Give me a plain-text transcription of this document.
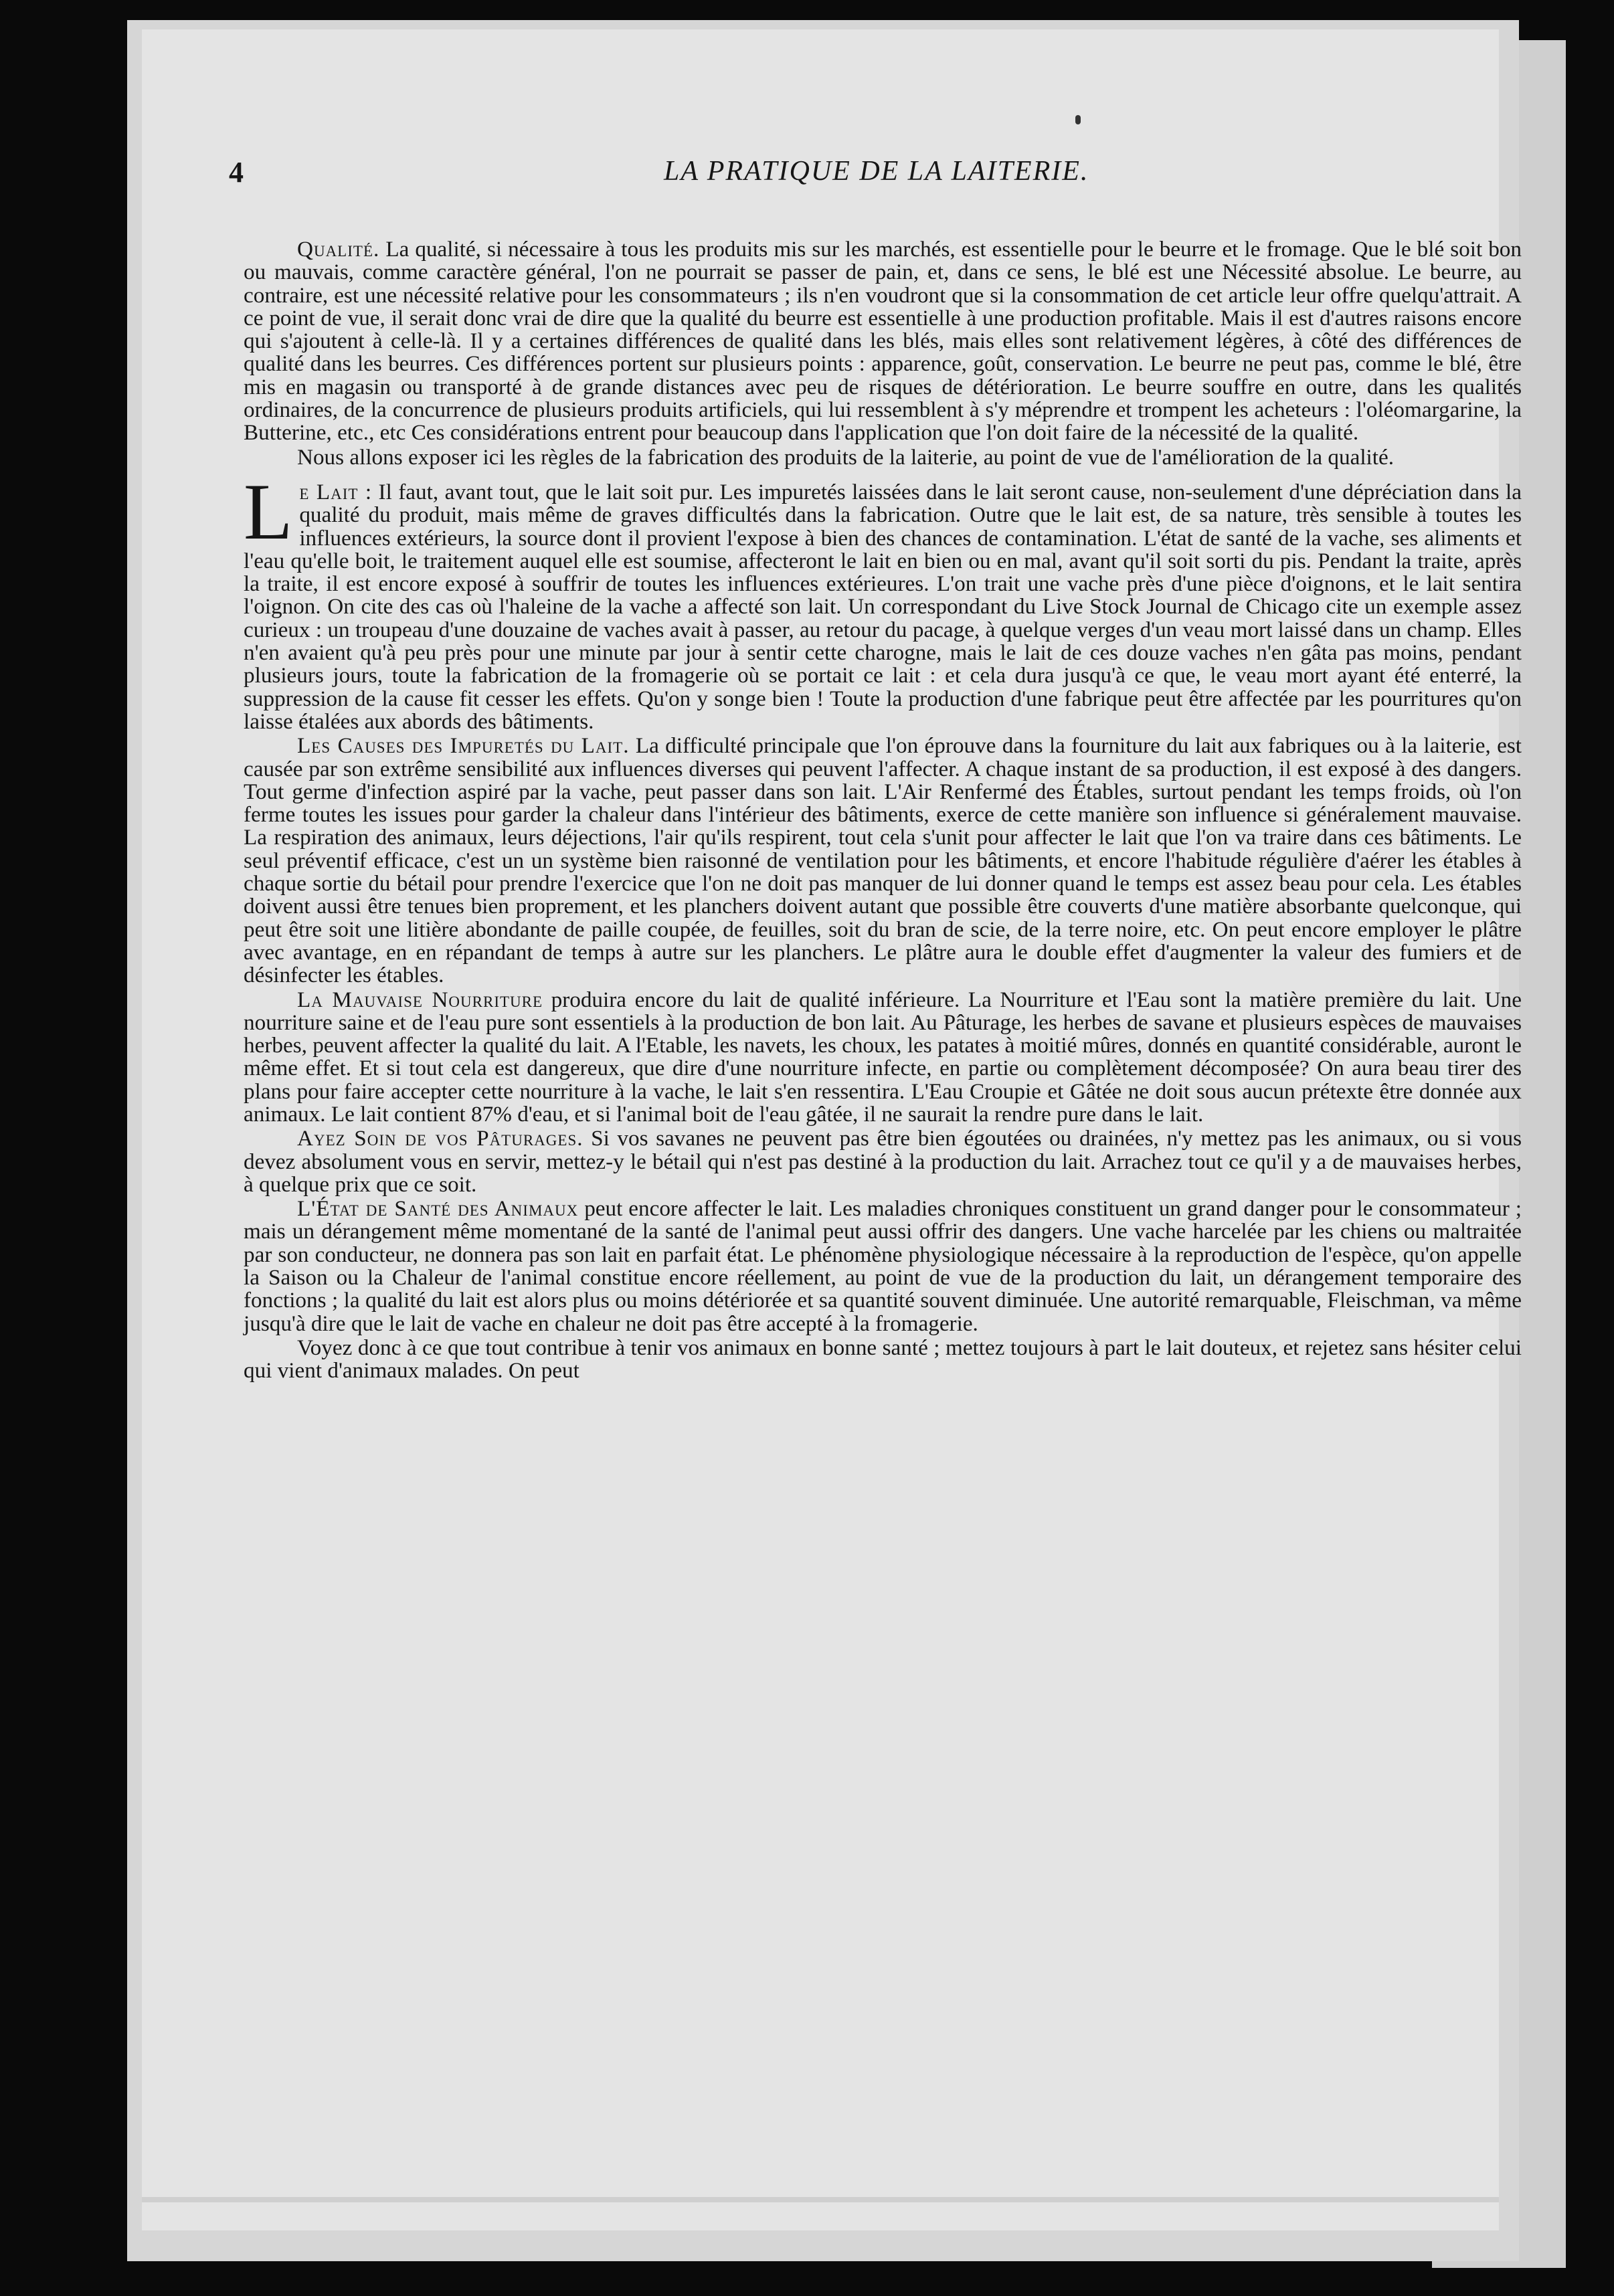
4	LA PRATIQUE DE LA LAITERIE.

Qualité. La qualité, si nécessaire à tous les produits mis sur les marchés, est essentielle pour le beurre et le fromage. Que le blé soit bon ou mauvais, comme caractère général, l'on ne pourrait se passer de pain, et, dans ce sens, le blé est une Nécessité absolue. Le beurre, au contraire, est une nécessité relative pour les consommateurs ; ils n'en voudront que si la consommation de cet article leur offre quelqu'attrait. A ce point de vue, il serait donc vrai de dire que la qualité du beurre est essentielle à une production profitable. Mais il est d'autres raisons encore qui s'ajoutent à celle-là. Il y a certaines différences de qualité dans les blés, mais elles sont relativement légères, à côté des différences de qualité dans les beurres. Ces différences portent sur plusieurs points : apparence, goût, conservation. Le beurre ne peut pas, comme le blé, être mis en magasin ou transporté à de grande distances avec peu de risques de détérioration. Le beurre souffre en outre, dans les qualités ordinaires, de la concurrence de plusieurs produits artificiels, qui lui ressemblent à s'y méprendre et trompent les acheteurs : l'oléomargarine, la Butterine, etc., etc Ces considérations entrent pour beaucoup dans l'application que l'on doit faire de la nécessité de la qualité.

Nous allons exposer ici les règles de la fabrication des produits de la laiterie, au point de vue de l'amélioration de la qualité.

Le Lait : Il faut, avant tout, que le lait soit pur. Les impuretés laissées dans le lait seront cause, non-seulement d'une dépréciation dans la qualité du produit, mais même de graves difficultés dans la fabrication. Outre que le lait est, de sa nature, très sensible à toutes les influences extérieurs, la source dont il provient l'expose à bien des chances de contamination. L'état de santé de la vache, ses aliments et l'eau qu'elle boit, le traitement auquel elle est soumise, affecteront le lait en bien ou en mal, avant qu'il soit sorti du pis. Pendant la traite, après la traite, il est encore exposé à souffrir de toutes les influences extérieures. L'on trait une vache près d'une pièce d'oignons, et le lait sentira l'oignon. On cite des cas où l'haleine de la vache a affecté son lait. Un correspondant du Live Stock Journal de Chicago cite un exemple assez curieux : un troupeau d'une douzaine de vaches avait à passer, au retour du pacage, à quelque verges d'un veau mort laissé dans un champ. Elles n'en avaient qu'à peu près pour une minute par jour à sentir cette charogne, mais le lait de ces douze vaches n'en gâta pas moins, pendant plusieurs jours, toute la fabrication de la fromagerie où se portait ce lait : et cela dura jusqu'à ce que, le veau mort ayant été enterré, la suppression de la cause fit cesser les effets. Qu'on y songe bien ! Toute la production d'une fabrique peut être affectée par les pourritures qu'on laisse étalées aux abords des bâtiments.

Les Causes des Impuretés du Lait. La difficulté principale que l'on éprouve dans la fourniture du lait aux fabriques ou à la laiterie, est causée par son extrême sensibilité aux influences diverses qui peuvent l'affecter. A chaque instant de sa production, il est exposé à des dangers. Tout germe d'infection aspiré par la vache, peut passer dans son lait. L'Air Renfermé des Étables, surtout pendant les temps froids, où l'on ferme toutes les issues pour garder la chaleur dans l'intérieur des bâtiments, exerce de cette manière son influence si généralement mauvaise. La respiration des animaux, leurs déjections, l'air qu'ils respirent, tout cela s'unit pour affecter le lait que l'on va traire dans ces bâtiments. Le seul préventif efficace, c'est un un système bien raisonné de ventilation pour les bâtiments, et encore l'habitude régulière d'aérer les étables à chaque sortie du bétail pour prendre l'exercice que l'on ne doit pas manquer de lui donner quand le temps est assez beau pour cela. Les étables doivent aussi être tenues bien proprement, et les planchers doivent autant que possible être couverts d'une matière absorbante quelconque, qui peut être soit une litière abondante de paille coupée, de feuilles, soit du bran de scie, de la terre noire, etc. On peut encore employer le plâtre avec avantage, en en répandant de temps à autre sur les planchers. Le plâtre aura le double effet d'augmenter la valeur des fumiers et de désinfecter les étables.

La Mauvaise Nourriture produira encore du lait de qualité inférieure. La Nourriture et l'Eau sont la matière première du lait. Une nourriture saine et de l'eau pure sont essentiels à la production de bon lait. Au Pâturage, les herbes de savane et plusieurs espèces de mauvaises herbes, peuvent affecter la qualité du lait. A l'Etable, les navets, les choux, les patates à moitié mûres, donnés en quantité considérable, auront le même effet. Et si tout cela est dangereux, que dire d'une nourriture infecte, en partie ou complètement décomposée? On aura beau tirer des plans pour faire accepter cette nourriture à la vache, le lait s'en ressentira. L'Eau Croupie et Gâtée ne doit sous aucun prétexte être donnée aux animaux. Le lait contient 87% d'eau, et si l'animal boit de l'eau gâtée, il ne saurait la rendre pure dans le lait.

Ayez Soin de vos Pâturages. Si vos savanes ne peuvent pas être bien égoutées ou drainées, n'y mettez pas les animaux, ou si vous devez absolument vous en servir, mettez-y le bétail qui n'est pas destiné à la production du lait. Arrachez tout ce qu'il y a de mauvaises herbes, à quelque prix que ce soit.

L'État de Santé des Animaux peut encore affecter le lait. Les maladies chroniques constituent un grand danger pour le consommateur ; mais un dérangement même momentané de la santé de l'animal peut aussi offrir des dangers. Une vache harcelée par les chiens ou maltraitée par son conducteur, ne donnera pas son lait en parfait état. Le phénomène physiologique nécessaire à la reproduction de l'espèce, qu'on appelle la Saison ou la Chaleur de l'animal constitue encore réellement, au point de vue de la production du lait, un dérangement temporaire des fonctions ; la qualité du lait est alors plus ou moins détériorée et sa quantité souvent diminuée. Une autorité remarquable, Fleischman, va même jusqu'à dire que le lait de vache en chaleur ne doit pas être accepté à la fromagerie.

Voyez donc à ce que tout contribue à tenir vos animaux en bonne santé ; mettez toujours à part le lait douteux, et rejetez sans hésiter celui qui vient d'animaux malades. On peut
